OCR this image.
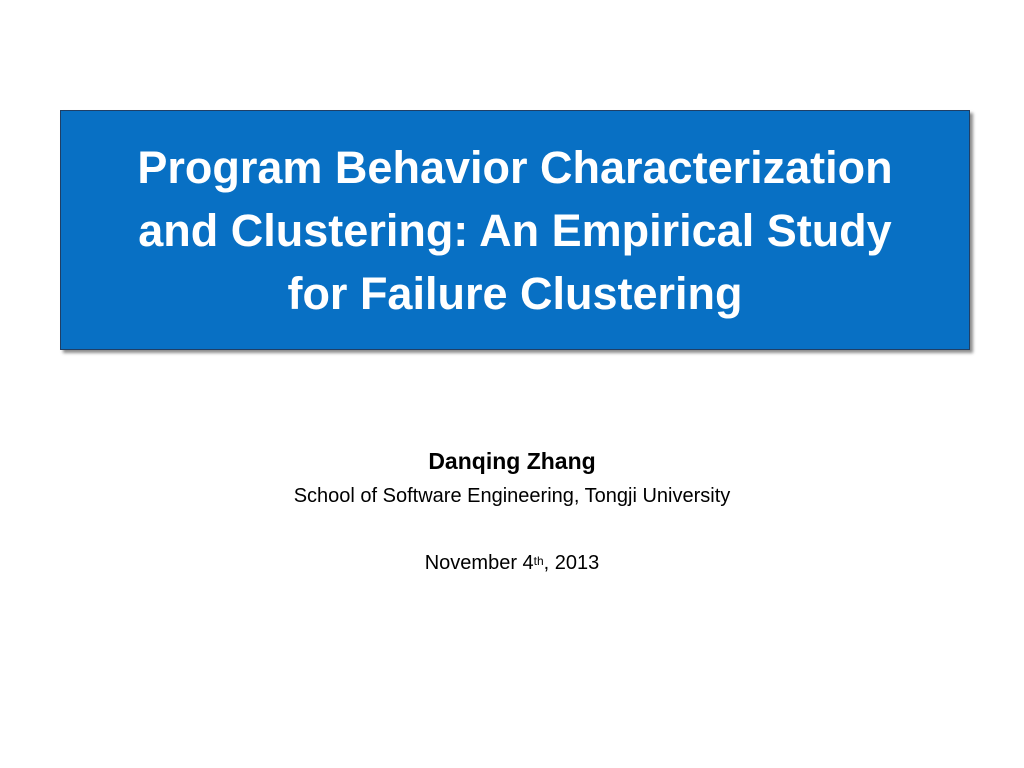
Program Behavior Characterization
and Clustering: An Empirical Study
for Failure Clustering
Danqing Zhang
School of Software Engineering, Tongji University
November 4th, 2013
